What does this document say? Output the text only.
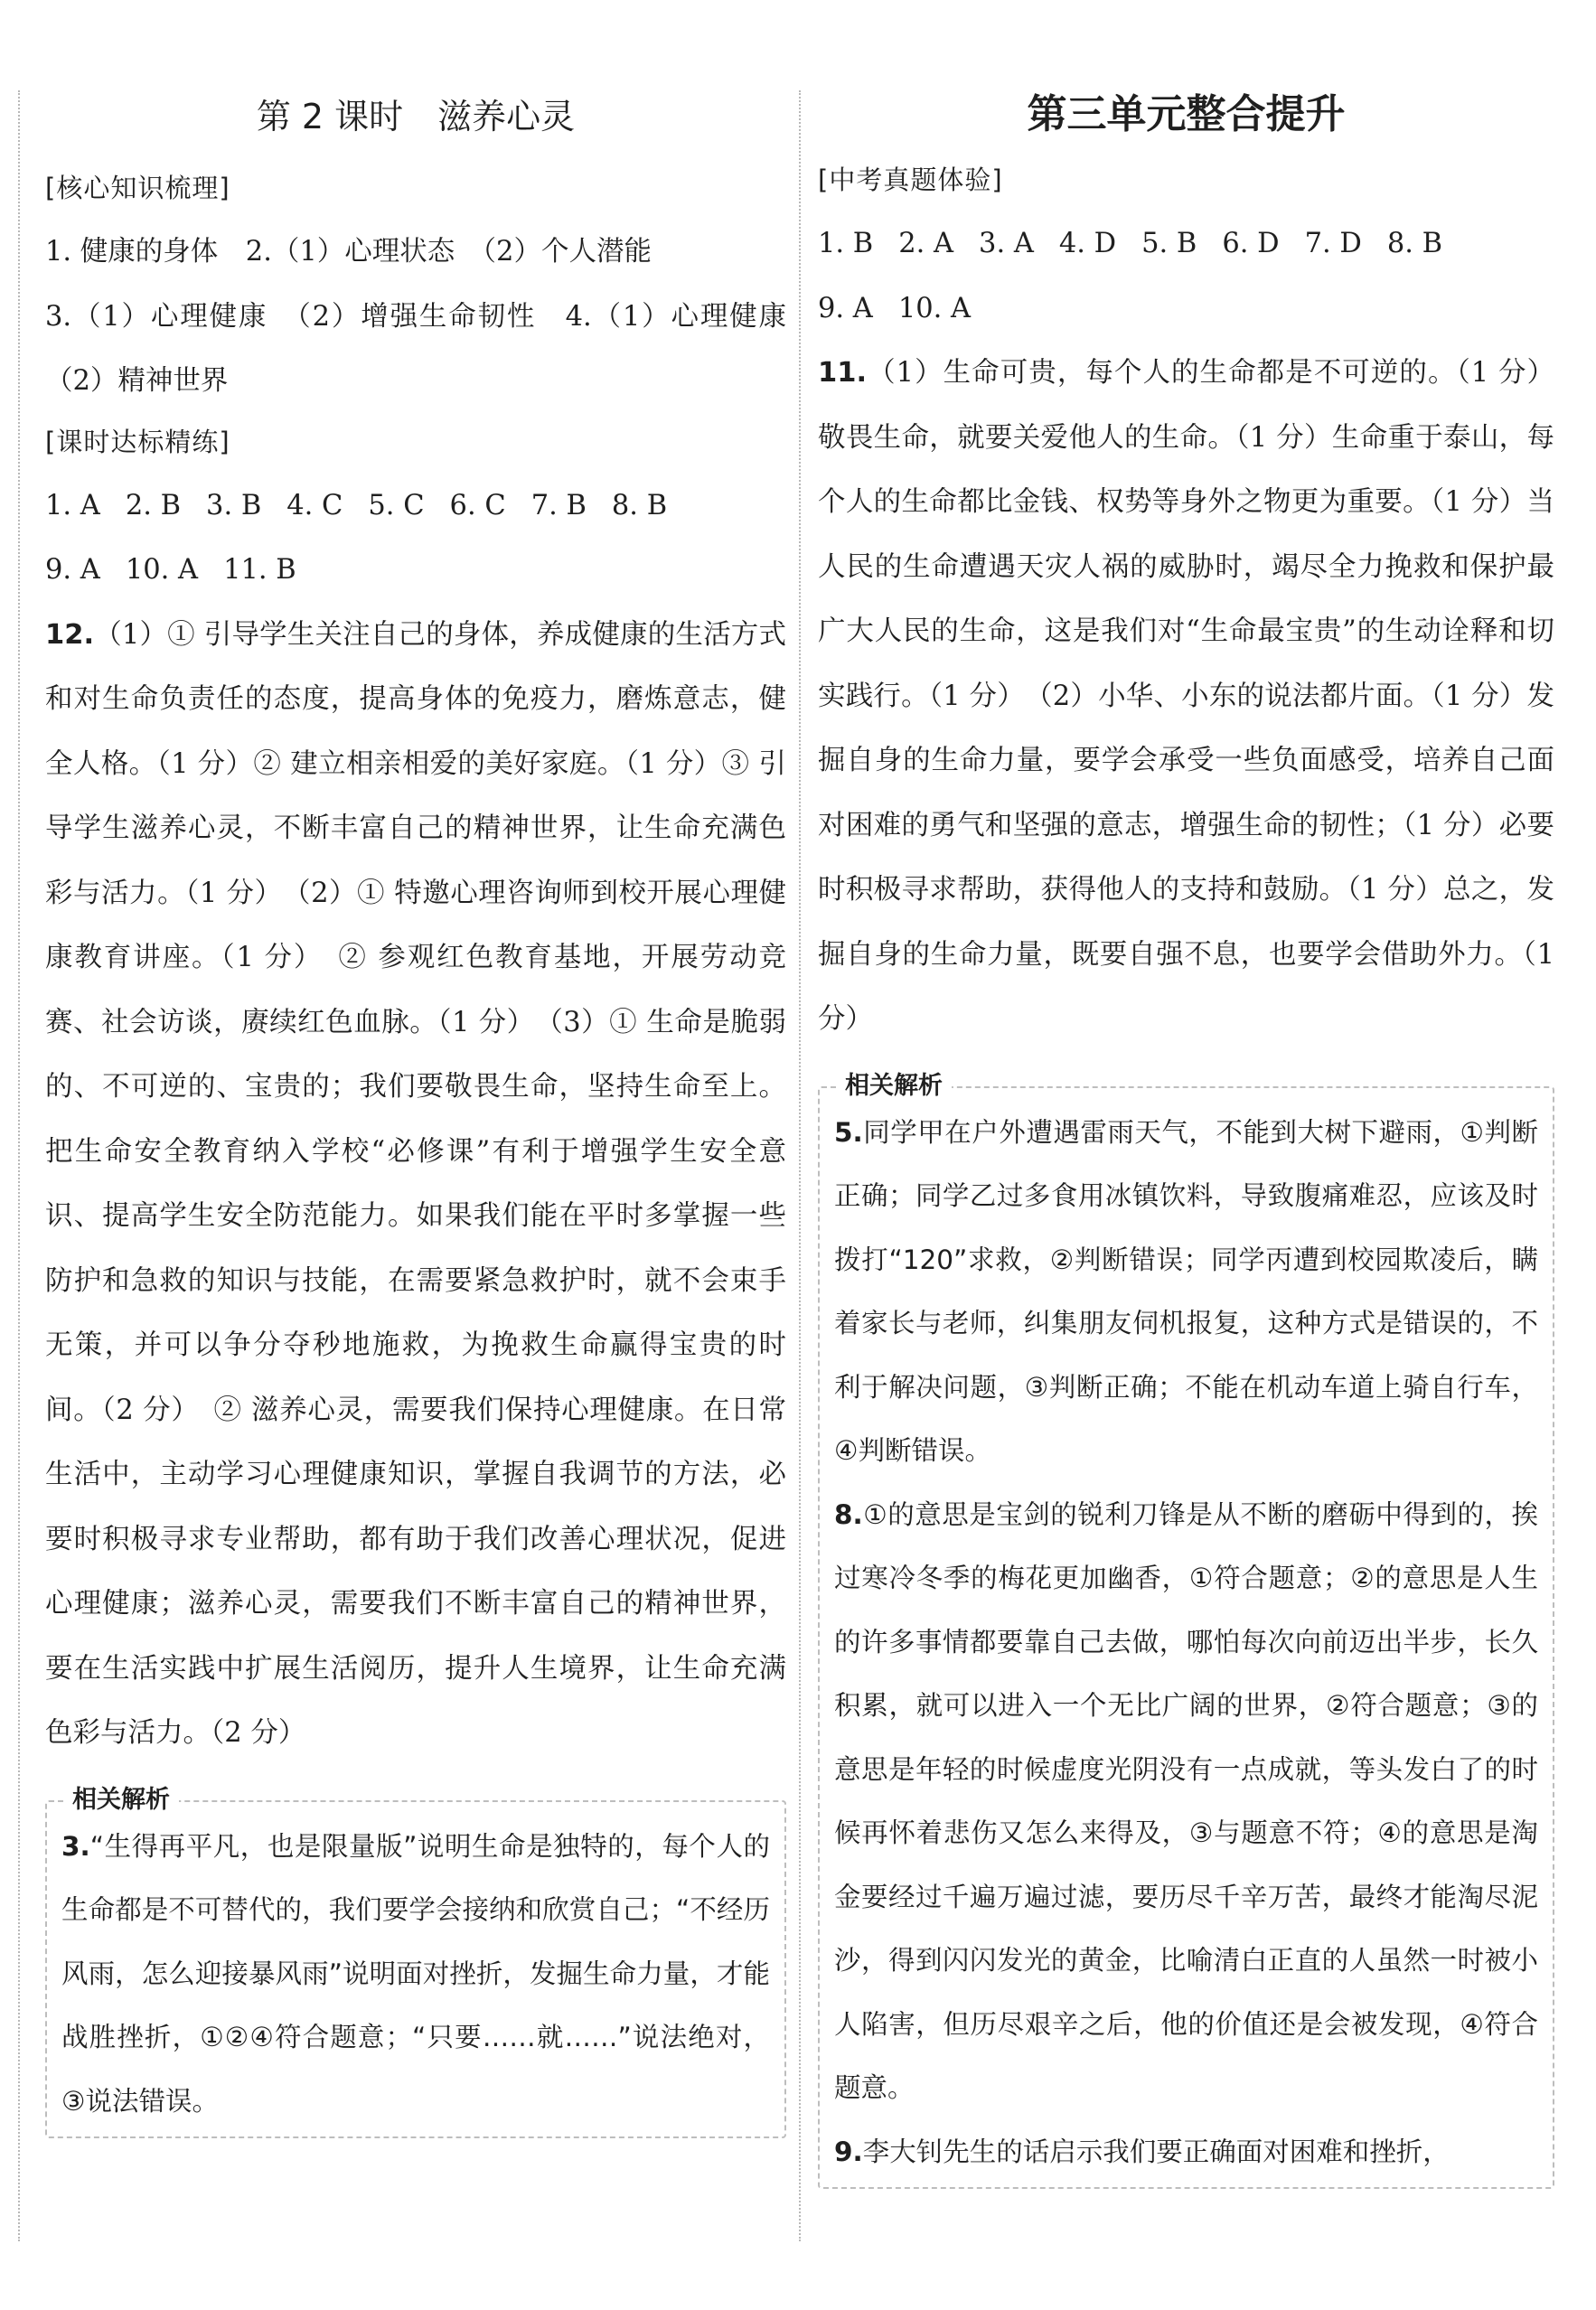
第 2 课时　滋养心灵
[核心知识梳理]

1. 健康的身体　2.（1）心理状态　（2）个人潜能

3.（1）心理健康　（2）增强生命韧性　4.（1）心理健康　（2）精神世界

[课时达标精练]

1. A 2. B 3. B 4. C 5. C 6. C 7. B 8. B

9. A 10. A 11. B

12.（1）① 引导学生关注自己的身体，养成健康的生活方式和对生命负责任的态度，提高身体的免疫力，磨炼意志，健全人格。（1 分）② 建立相亲相爱的美好家庭。（1 分）③ 引导学生滋养心灵，不断丰富自己的精神世界，让生命充满色彩与活力。（1 分）　（2）① 特邀心理咨询师到校开展心理健康教育讲座。（1 分）　② 参观红色教育基地，开展劳动竞赛、社会访谈，赓续红色血脉。（1 分）　（3）① 生命是脆弱的、不可逆的、宝贵的；我们要敬畏生命，坚持生命至上。把生命安全教育纳入学校“必修课”有利于增强学生安全意识、提高学生安全防范能力。如果我们能在平时多掌握一些防护和急救的知识与技能，在需要紧急救护时，就不会束手无策，并可以争分夺秒地施救，为挽救生命赢得宝贵的时间。（2 分）　② 滋养心灵，需要我们保持心理健康。在日常生活中，主动学习心理健康知识，掌握自我调节的方法，必要时积极寻求专业帮助，都有助于我们改善心理状况，促进心理健康；滋养心灵，需要我们不断丰富自己的精神世界，要在生活实践中扩展生活阅历，提升人生境界，让生命充满色彩与活力。（2 分）

相关解析

3.“生得再平凡，也是限量版”说明生命是独特的，每个人的生命都是不可替代的，我们要学会接纳和欣赏自己；“不经历风雨，怎么迎接暴风雨”说明面对挫折，发掘生命力量，才能战胜挫折，①②④符合题意；“只要……就……”说法绝对，③说法错误。

第三单元整合提升
[中考真题体验]

1. B 2. A 3. A 4. D 5. B 6. D 7. D 8. B

9. A 10. A

11.（1）生命可贵，每个人的生命都是不可逆的。（1 分）敬畏生命，就要关爱他人的生命。（1 分）生命重于泰山，每个人的生命都比金钱、权势等身外之物更为重要。（1 分）当人民的生命遭遇天灾人祸的威胁时，竭尽全力挽救和保护最广大人民的生命，这是我们对“生命最宝贵”的生动诠释和切实践行。（1 分）　（2）小华、小东的说法都片面。（1 分）发掘自身的生命力量，要学会承受一些负面感受，培养自己面对困难的勇气和坚强的意志，增强生命的韧性；（1 分）必要时积极寻求帮助，获得他人的支持和鼓励。（1 分）总之，发掘自身的生命力量，既要自强不息，也要学会借助外力。（1 分）

相关解析

5.同学甲在户外遭遇雷雨天气，不能到大树下避雨，①判断正确；同学乙过多食用冰镇饮料，导致腹痛难忍，应该及时拨打“120”求救，②判断错误；同学丙遭到校园欺凌后，瞒着家长与老师，纠集朋友伺机报复，这种方式是错误的，不利于解决问题，③判断正确；不能在机动车道上骑自行车，④判断错误。

8.①的意思是宝剑的锐利刀锋是从不断的磨砺中得到的，挨过寒冷冬季的梅花更加幽香，①符合题意；②的意思是人生的许多事情都要靠自己去做，哪怕每次向前迈出半步，长久积累，就可以进入一个无比广阔的世界，②符合题意；③的意思是年轻的时候虚度光阴没有一点成就，等头发白了的时候再怀着悲伤又怎么来得及，③与题意不符；④的意思是淘金要经过千遍万遍过滤，要历尽千辛万苦，最终才能淘尽泥沙，得到闪闪发光的黄金，比喻清白正直的人虽然一时被小人陷害，但历尽艰辛之后，他的价值还是会被发现，④符合题意。

9.李大钊先生的话启示我们要正确面对困难和挫折，
